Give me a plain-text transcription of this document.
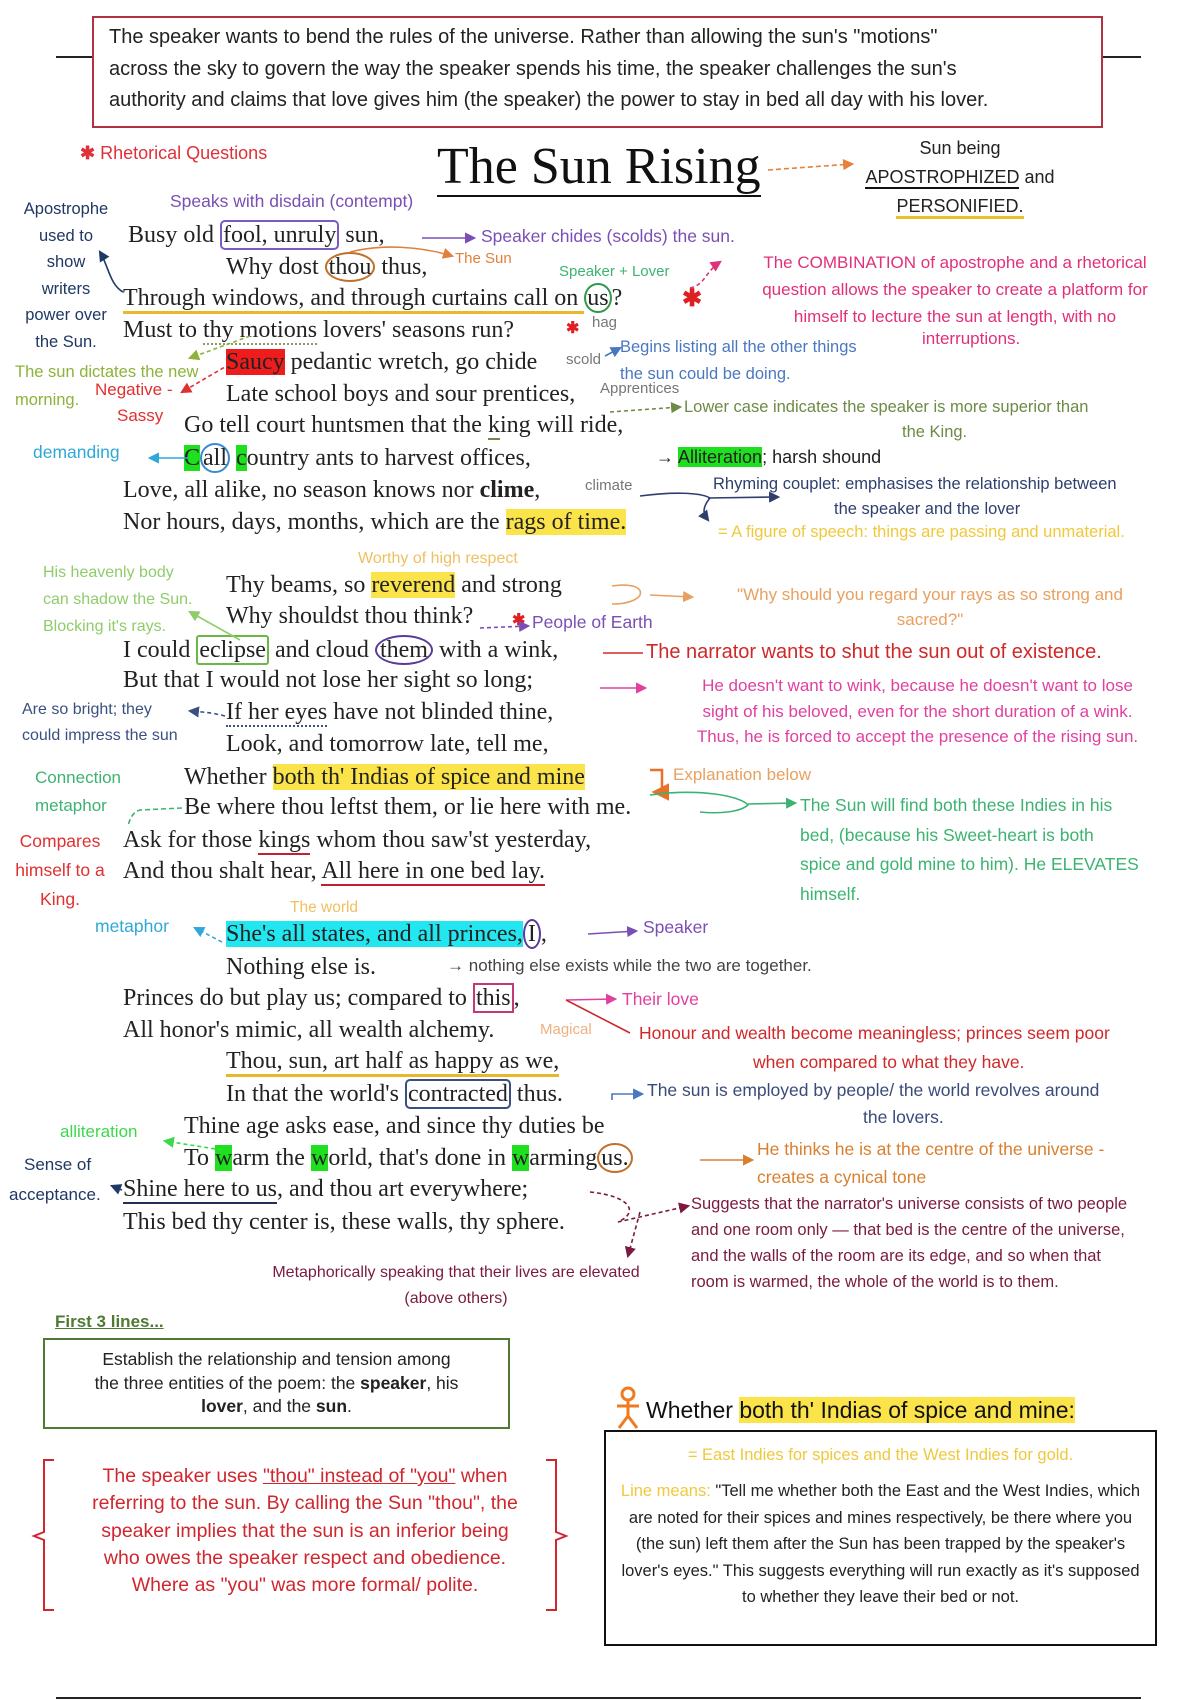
The speaker wants to bend the rules of the universe. Rather than allowing the sun's "motions"
across the sky to govern the way the speaker spends his time, the speaker challenges the sun's
authority and claims that love gives him (the speaker) the power to stay in bed all day with his lover.
✱ Rhetorical Questions	The Sun Rising	Sun being
APOSTROPHIZED and
PERSONIFIED.
Busy old fool, unruly sun,
Why dost thou thus,
Through windows, and through curtains call on us ?
Must to thy motions lovers' seasons run?
Saucy pedantic wretch, go chide
Late school boys and sour prentices,
Go tell court huntsmen that the king will ride,
C all country ants to harvest offices,
Love, all alike, no season knows nor clime,
Nor hours, days, months, which are the rags of time.
Thy beams, so reverend and strong
Why shouldst thou think?
I could eclipse and cloud them with a wink,
But that I would not lose her sight so long;
If her eyes have not blinded thine,
Look, and tomorrow late, tell me,
Whether both th' Indias of spice and mine
Be where thou leftst them, or lie here with me.
Ask for those kings whom thou saw'st yesterday,
And thou shalt hear, All here in one bed lay.
She's all states, and all princes, I ,
Nothing else is.
Princes do but play us; compared to this ,
All honor's mimic, all wealth alchemy.
Thou, sun, art half as happy as we,
In that the world's contracted thus.
Thine age asks ease, and since thy duties be
To warm the world, that's done in warming us.
Shine here to us, and thou art everywhere;
This bed thy center is, these walls, thy sphere.
✱
✱
✱
Apostrophe
used to
show
writers
power over
the Sun.
Speaks with disdain (contempt)
Speaker chides (scolds) the sun.
The Sun
Speaker + Lover	The COMBINATION of apostrophe and a rhetorical
question allows the speaker to create a platform for
himself to lecture the sun at length, with no
interruptions.
hag
scold
Apprentices
Begins listing all the other things
the sun could be doing.
The sun dictates the new
morning.
Negative -
Sassy	Lower case indicates the speaker is more superior than
the King.
demanding	→ Alliteration; harsh shound
climate	Rhyming couplet: emphasises the relationship between
the speaker and the lover
= A figure of speech: things are passing and unmaterial.
His heavenly body
can shadow the Sun.
Blocking it's rays.
Worthy of high respect
"Why should you regard your rays as so strong and
sacred?"
People of Earth
The narrator wants to shut the sun out of existence.
He doesn't want to wink, because he doesn't want to lose
sight of his beloved, even for the short duration of a wink.
Thus, he is forced to accept the presence of the rising sun.
Are so bright; they
could impress the sun
Connection
metaphor
Explanation below
The Sun will find both these Indies in his
bed, (because his Sweet-heart is both
spice and gold mine to him). He ELEVATES
himself.
Compares
himself to a
King.	The world
metaphor	Speaker
→ nothing else exists while the two are together.
Their love
Magical	Honour and wealth become meaningless; princes seem poor
when compared to what they have.
The sun is employed by people/ the world revolves around
the lovers.
alliteration
He thinks he is at the centre of the universe -
creates a cynical tone
Sense of
acceptance.	Suggests that the narrator's universe consists of two people
and one room only — that bed is the centre of the universe,
and the walls of the room are its edge, and so when that
room is warmed, the whole of the world is to them.
Metaphorically speaking that their lives are elevated
(above others)
First 3 lines...
Establish the relationship and tension among
the three entities of the poem: the speaker, his
lover, and the sun.
The speaker uses "thou" instead of "you" when
referring to the sun. By calling the Sun "thou", the
speaker implies that the sun is an inferior being
who owes the speaker respect and obedience.
Where as "you" was more formal/ polite.
Whether both th' Indias of spice and mine:
= East Indies for spices and the West Indies for gold.
Line means: "Tell me whether both the East and the West Indies, which are noted for their spices and mines respectively, be there where you (the sun) left them after the Sun has been trapped by the speaker's lover's eyes." This suggests everything will run exactly as it's supposed to whether they leave their bed or not.
